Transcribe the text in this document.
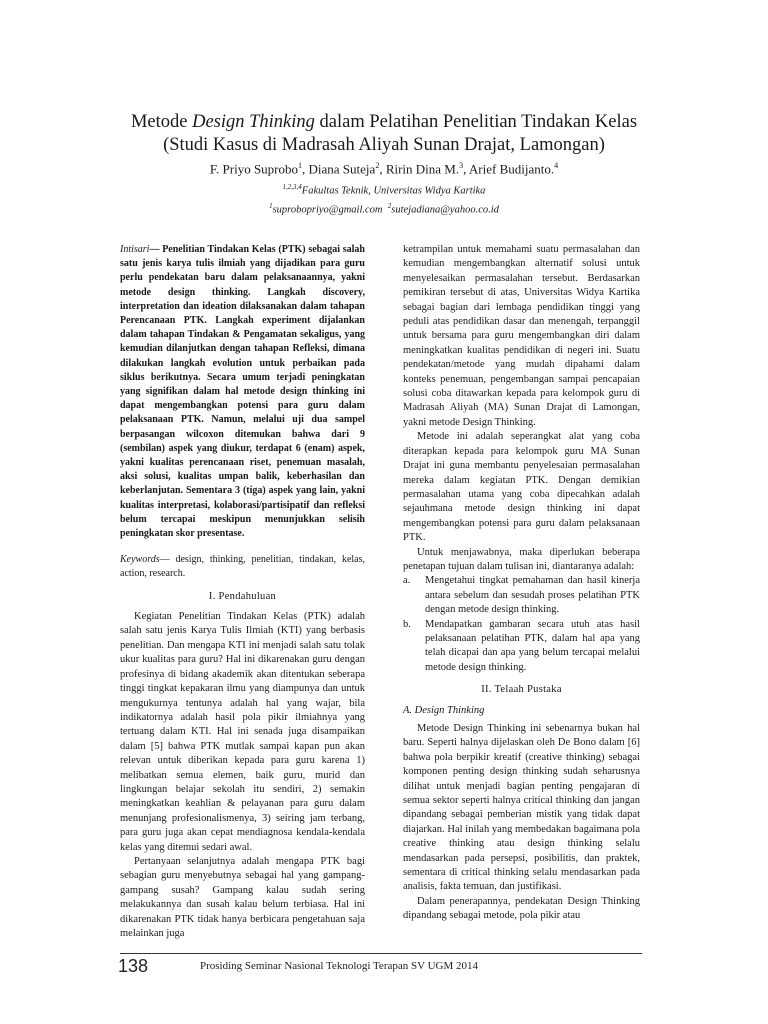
Metode Design Thinking dalam Pelatihan Penelitian Tindakan Kelas
(Studi Kasus di Madrasah Aliyah Sunan Drajat, Lamongan)

F. Priyo Suprobo$^1$, Diana Suteja$^2$, Ririn Dina M.$^3$, Arief Budijanto.$^4$

$^{1,2,3,4}$Fakultas Teknik, Universitas Widya Kartika
$^1$suprobopriyo@gmail.com $^2$sutejadiana@yahoo.co.id

Intisari— Penelitian Tindakan Kelas (PTK) sebagai salah satu jenis karya tulis ilmiah yang dijadikan para guru perlu pendekatan baru dalam pelaksanaannya, yakni metode design thinking. Langkah discovery, interpretation dan ideation dilaksanakan dalam tahapan Perencanaan PTK. Langkah experiment dijalankan dalam tahapan Tindakan & Pengamatan sekaligus, yang kemudian dilanjutkan dengan tahapan Refleksi, dimana dilakukan langkah evolution untuk perbaikan pada siklus berikutnya. Secara umum terjadi peningkatan yang signifikan dalam hal metode design thinking ini dapat mengembangkan potensi para guru dalam pelaksanaan PTK. Namun, melalui uji dua sampel berpasangan wilcoxon ditemukan bahwa dari 9 (sembilan) aspek yang diukur, terdapat 6 (enam) aspek, yakni kualitas perencanaan riset, penemuan masalah, aksi solusi, kualitas umpan balik, keberhasilan dan keberlanjutan. Sementara 3 (tiga) aspek yang lain, yakni kualitas interpretasi, kolaborasi/partisipatif dan refleksi belum tercapai meskipun menunjukkan selisih peningkatan skor presentase.

Keywords— design, thinking, penelitian, tindakan, kelas, action, research.

I. Pendahuluan

Kegiatan Penelitian Tindakan Kelas (PTK) adalah salah satu jenis Karya Tulis Ilmiah (KTI) yang berbasis penelitian. Dan mengapa KTI ini menjadi salah satu tolak ukur kualitas para guru? Hal ini dikarenakan guru dengan profesinya di bidang akademik akan ditentukan seberapa tinggi tingkat kepakaran ilmu yang diampunya dan untuk mengukurnya tentunya adalah hal yang wajar, bila indikatornya adalah hasil pola pikir ilmiahnya yang tertuang dalam KTI. Hal ini senada juga disampaikan dalam [5] bahwa PTK mutlak sampai kapan pun akan relevan untuk diberikan kepada para guru karena 1) melibatkan semua elemen, baik guru, murid dan lingkungan belajar sekolah itu sendiri, 2) semakin meningkatkan keahlian & pelayanan para guru dalam menunjang profesionalismenya, 3) seiring jam terbang, para guru juga akan cepat mendiagnosa kendala-kendala kelas yang ditemui sedari awal.

Pertanyaan selanjutnya adalah mengapa PTK bagi sebagian guru menyebutnya sebagai hal yang gampang-gampang susah? Gampang kalau sudah sering melakukannya dan susah kalau belum terbiasa. Hal ini dikarenakan PTK tidak hanya berbicara pengetahuan saja melainkan juga

ketrampilan untuk memahami suatu permasalahan dan kemudian mengembangkan alternatif solusi untuk menyelesaikan permasalahan tersebut. Berdasarkan pemikiran tersebut di atas, Universitas Widya Kartika sebagai bagian dari lembaga pendidikan tinggi yang peduli atas pendidikan dasar dan menengah, terpanggil untuk bersama para guru mengembangkan diri dalam meningkatkan kualitas pendidikan di negeri ini. Suatu pendekatan/metode yang mudah dipahami dalam konteks penemuan, pengembangan sampai pencapaian solusi coba ditawarkan kepada para kelompok guru di Madrasah Aliyah (MA) Sunan Drajat di Lamongan, yakni metode Design Thinking.

Metode ini adalah seperangkat alat yang coba diterapkan kepada para kelompok guru MA Sunan Drajat ini guna membantu penyelesaian permasalahan mereka dalam kegiatan PTK. Dengan demikian permasalahan utama yang coba dipecahkan adalah sejauhmana metode design thinking ini dapat mengembangkan potensi para guru dalam pelaksanaan PTK.

Untuk menjawabnya, maka diperlukan beberapa penetapan tujuan dalam tulisan ini, diantaranya adalah:

a. Mengetahui tingkat pemahaman dan hasil kinerja antara sebelum dan sesudah proses pelatihan PTK dengan metode design thinking.
b. Mendapatkan gambaran secara utuh atas hasil pelaksanaan pelatihan PTK, dalam hal apa yang telah dicapai dan apa yang belum tercapai melalui metode design thinking.

II. Telaah Pustaka

A. Design Thinking

Metode Design Thinking ini sebenarnya bukan hal baru. Seperti halnya dijelaskan oleh De Bono dalam [6] bahwa pola berpikir kreatif (creative thinking) sebagai komponen penting design thinking sudah seharusnya dilihat untuk menjadi bagian penting pengajaran di semua sektor seperti halnya critical thinking dan jangan dipandang sebagai pemberian mistik yang tidak dapat diajarkan. Hal inilah yang membedakan bagaimana pola creative thinking atau design thinking selalu mendasarkan pada persepsi, posibilitis, dan praktek, sementara di critical thinking selalu mendasarkan pada analisis, fakta temuan, dan justifikasi.

Dalam penerapannya, pendekatan Design Thinking dipandang sebagai metode, pola pikir atau

138	Prosiding Seminar Nasional Teknologi Terapan SV UGM 2014
